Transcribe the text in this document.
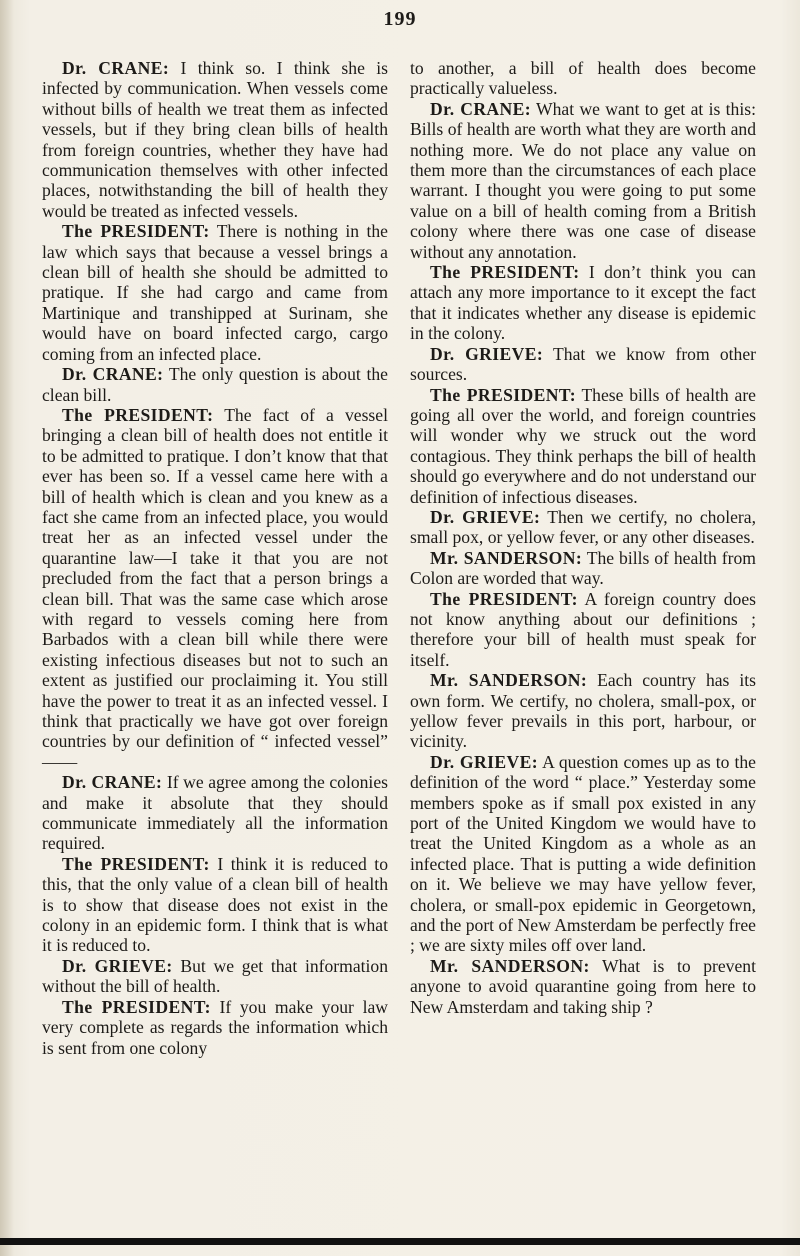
199

Dr. CRANE: I think so. I think she is infected by communication. When vessels come without bills of health we treat them as infected vessels, but if they bring clean bills of health from foreign countries, whether they have had communication themselves with other infected places, notwithstanding the bill of health they would be treated as infected vessels.

The PRESIDENT: There is nothing in the law which says that because a vessel brings a clean bill of health she should be admitted to pratique. If she had cargo and came from Martinique and transhipped at Surinam, she would have on board infected cargo, cargo coming from an infected place.

Dr. CRANE: The only question is about the clean bill.

The PRESIDENT: The fact of a vessel bringing a clean bill of health does not entitle it to be admitted to pratique. I don’t know that that ever has been so. If a vessel came here with a bill of health which is clean and you knew as a fact she came from an infected place, you would treat her as an infected vessel under the quarantine law—I take it that you are not precluded from the fact that a person brings a clean bill. That was the same case which arose with regard to vessels coming here from Barbados with a clean bill while there were existing infectious diseases but not to such an extent as justified our proclaiming it. You still have the power to treat it as an infected vessel. I think that practically we have got over foreign countries by our definition of “ infected vessel” ——

Dr. CRANE: If we agree among the colonies and make it absolute that they should communicate immediately all the information required.

The PRESIDENT: I think it is reduced to this, that the only value of a clean bill of health is to show that disease does not exist in the colony in an epidemic form. I think that is what it is reduced to.

Dr. GRIEVE: But we get that information without the bill of health.

The PRESIDENT: If you make your law very complete as regards the information which is sent from one colony

to another, a bill of health does become practically valueless.

Dr. CRANE: What we want to get at is this: Bills of health are worth what they are worth and nothing more. We do not place any value on them more than the circumstances of each place warrant. I thought you were going to put some value on a bill of health coming from a British colony where there was one case of disease without any annotation.

The PRESIDENT: I don’t think you can attach any more importance to it except the fact that it indicates whether any disease is epidemic in the colony.

Dr. GRIEVE: That we know from other sources.

The PRESIDENT: These bills of health are going all over the world, and foreign countries will wonder why we struck out the word contagious. They think perhaps the bill of health should go everywhere and do not understand our definition of infectious diseases.

Dr. GRIEVE: Then we certify, no cholera, small pox, or yellow fever, or any other diseases.

Mr. SANDERSON: The bills of health from Colon are worded that way.

The PRESIDENT: A foreign country does not know anything about our definitions ; therefore your bill of health must speak for itself.

Mr. SANDERSON: Each country has its own form. We certify, no cholera, small-pox, or yellow fever prevails in this port, harbour, or vicinity.

Dr. GRIEVE: A question comes up as to the definition of the word “ place.” Yesterday some members spoke as if small pox existed in any port of the United Kingdom we would have to treat the United Kingdom as a whole as an infected place. That is putting a wide definition on it. We believe we may have yellow fever, cholera, or small-pox epidemic in Georgetown, and the port of New Amsterdam be perfectly free ; we are sixty miles off over land.

Mr. SANDERSON: What is to prevent anyone to avoid quarantine going from here to New Amsterdam and taking ship ?
